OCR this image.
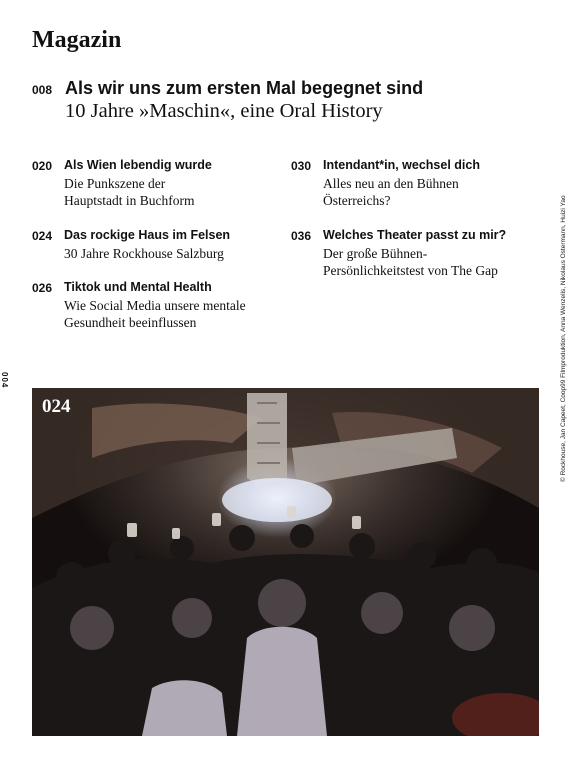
Magazin
008 Als wir uns zum ersten Mal begegnet sind
10 Jahre »Maschin«, eine Oral History
020 Als Wien lebendig wurde
Die Punkszene der Hauptstadt in Buchform
024 Das rockige Haus im Felsen
30 Jahre Rockhouse Salzburg
026 Tiktok und Mental Health
Wie Social Media unsere mentale Gesundheit beeinflussen
030 Intendant*in, wechsel dich
Alles neu an den Bühnen Österreichs?
036 Welches Theater passt zu mir?
Der große Bühnen-Persönlichkeitstest von The Gap
004
024	© Rockhouse, Jan Capeet, Coop99 Filmproduktion, Anna Wenzelis, Nikolaus Ostermann, Huizi Yao
